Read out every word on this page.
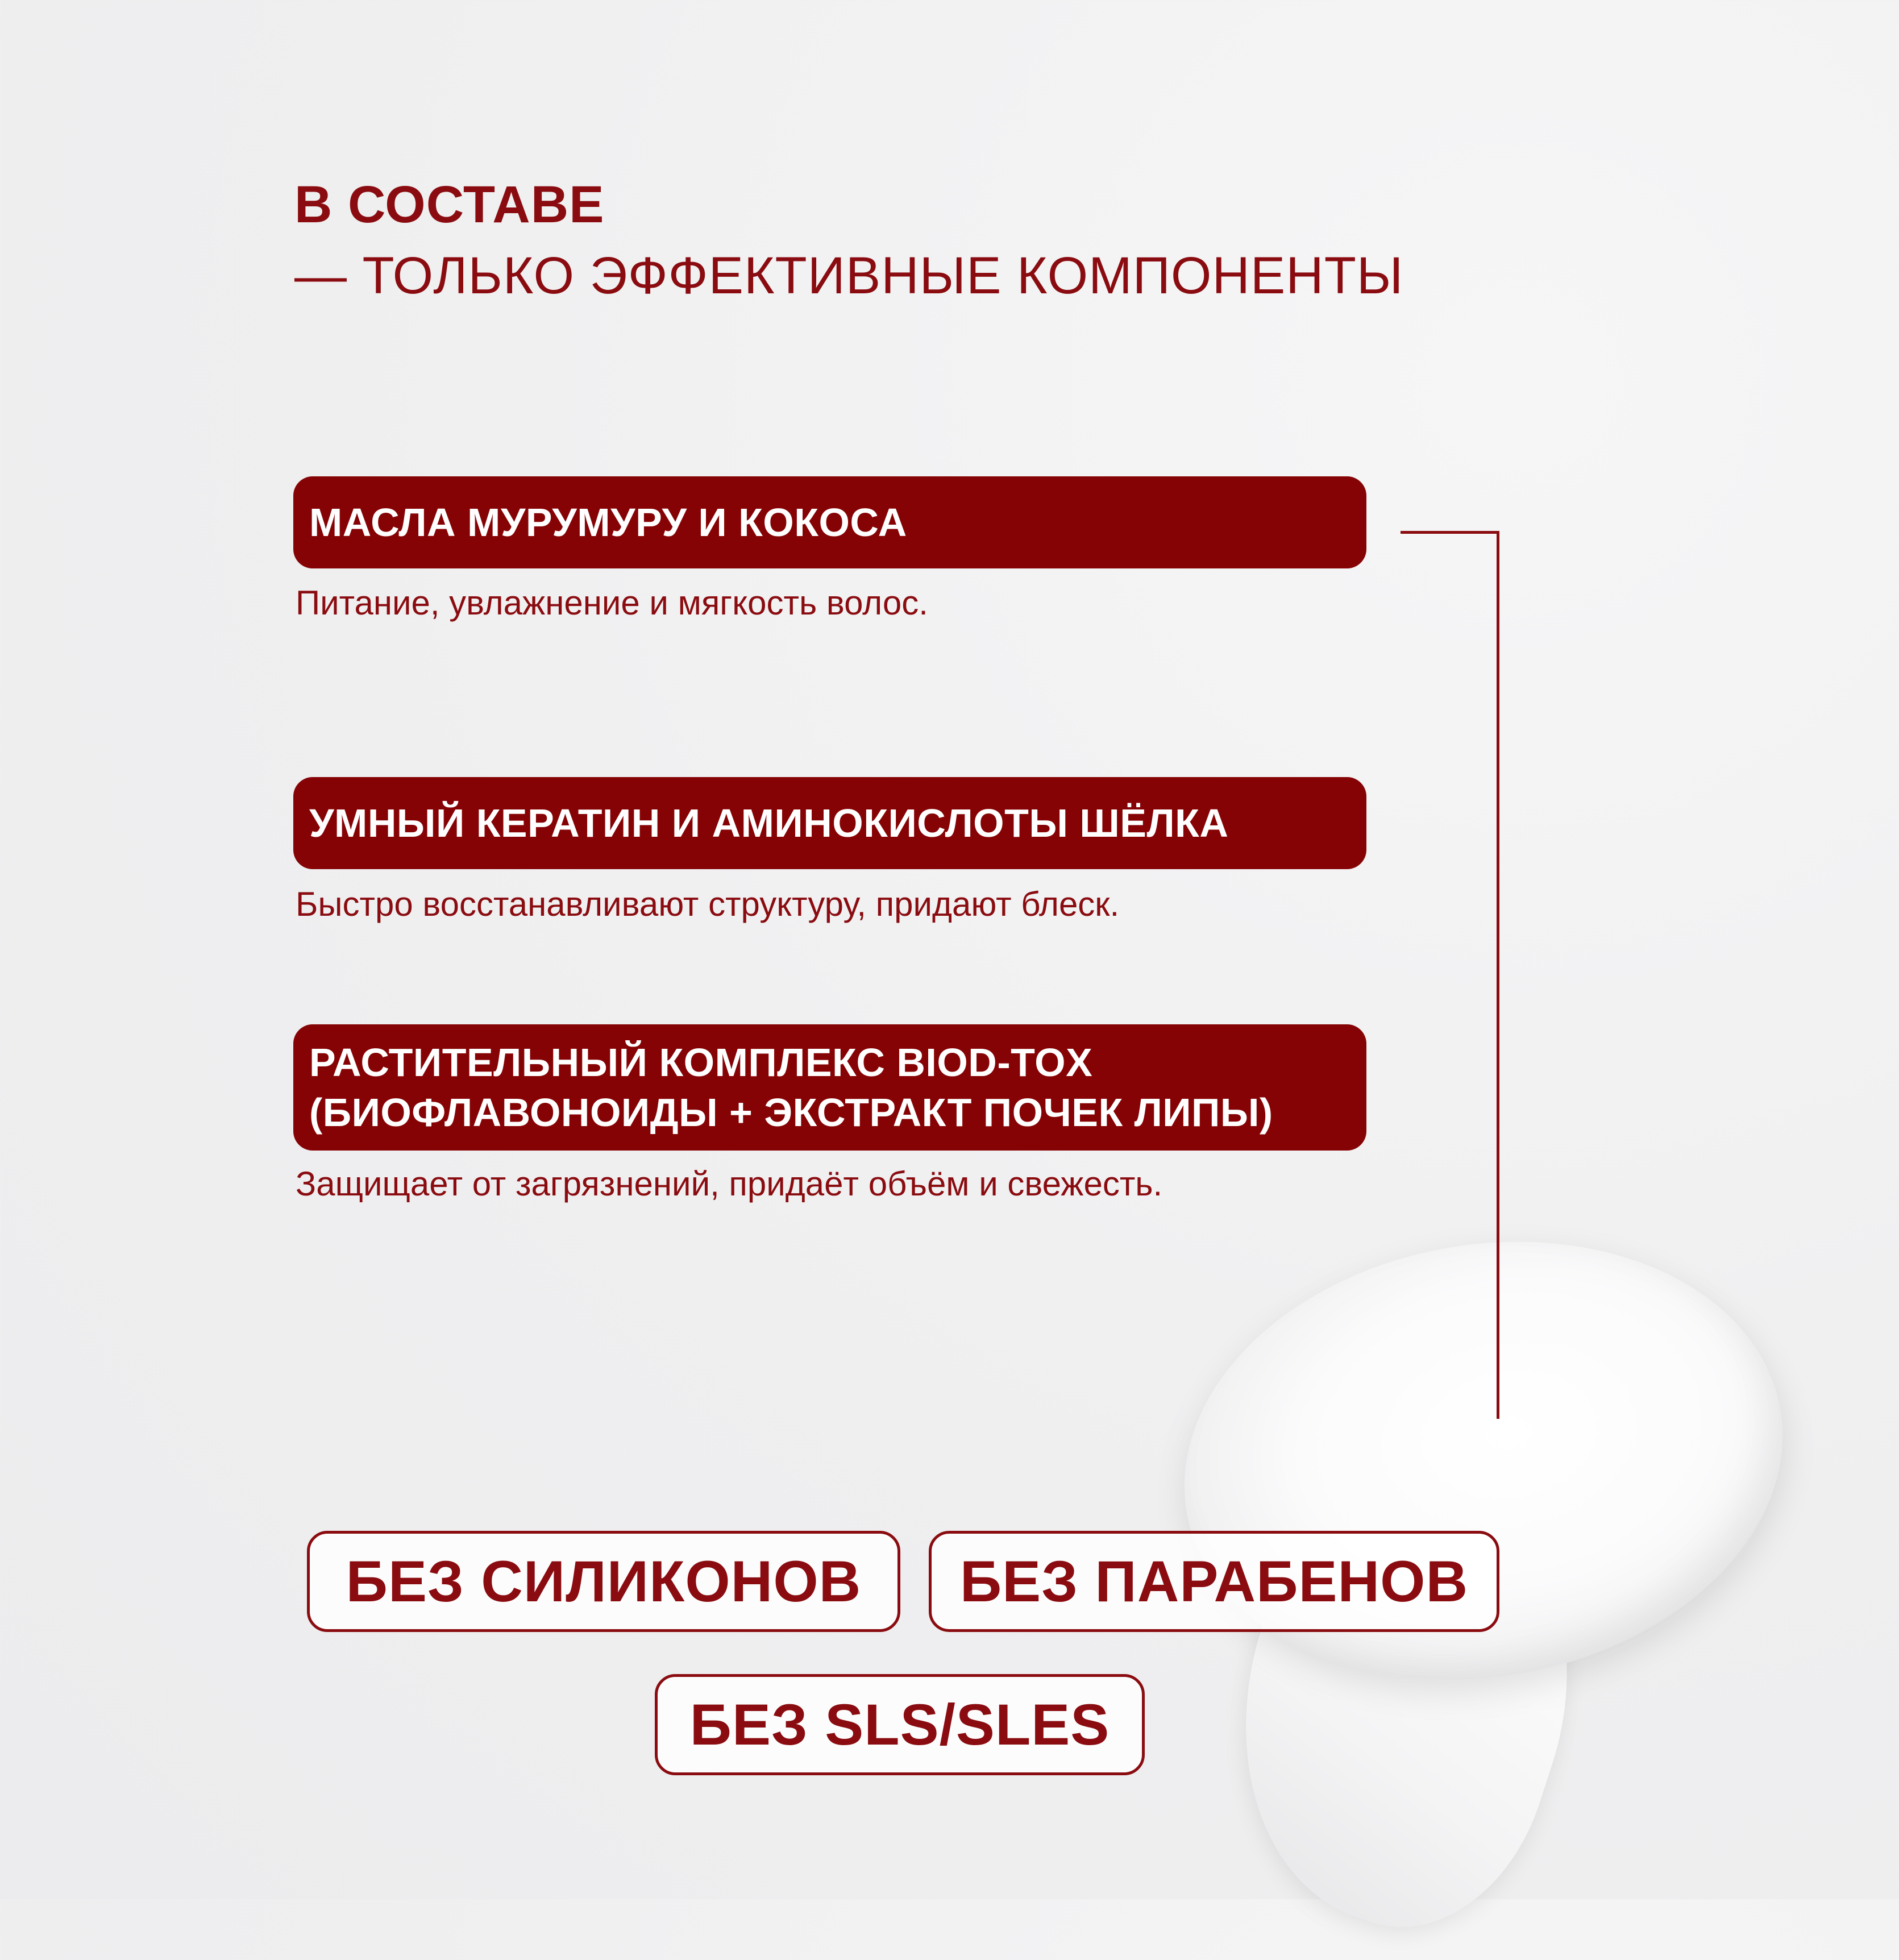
В СОСТАВЕ
— ТОЛЬКО ЭФФЕКТИВНЫЕ КОМПОНЕНТЫ
МАСЛА МУРУМУРУ И КОКОСА

Питание, увлажнение и мягкость волос.

УМНЫЙ КЕРАТИН И АМИНОКИСЛОТЫ ШЁЛКА

Быстро восстанавливают структуру, придают блеск.

РАСТИТЕЛЬНЫЙ КОМПЛЕКС BIOD-TOX
(БИОФЛАВОНОИДЫ + ЭКСТРАКТ ПОЧЕК ЛИПЫ)

Защищает от загрязнений, придаёт объём и свежесть.

БЕЗ СИЛИКОНОВ	БЕЗ ПАРАБЕНОВ
БЕЗ SLS/SLES
